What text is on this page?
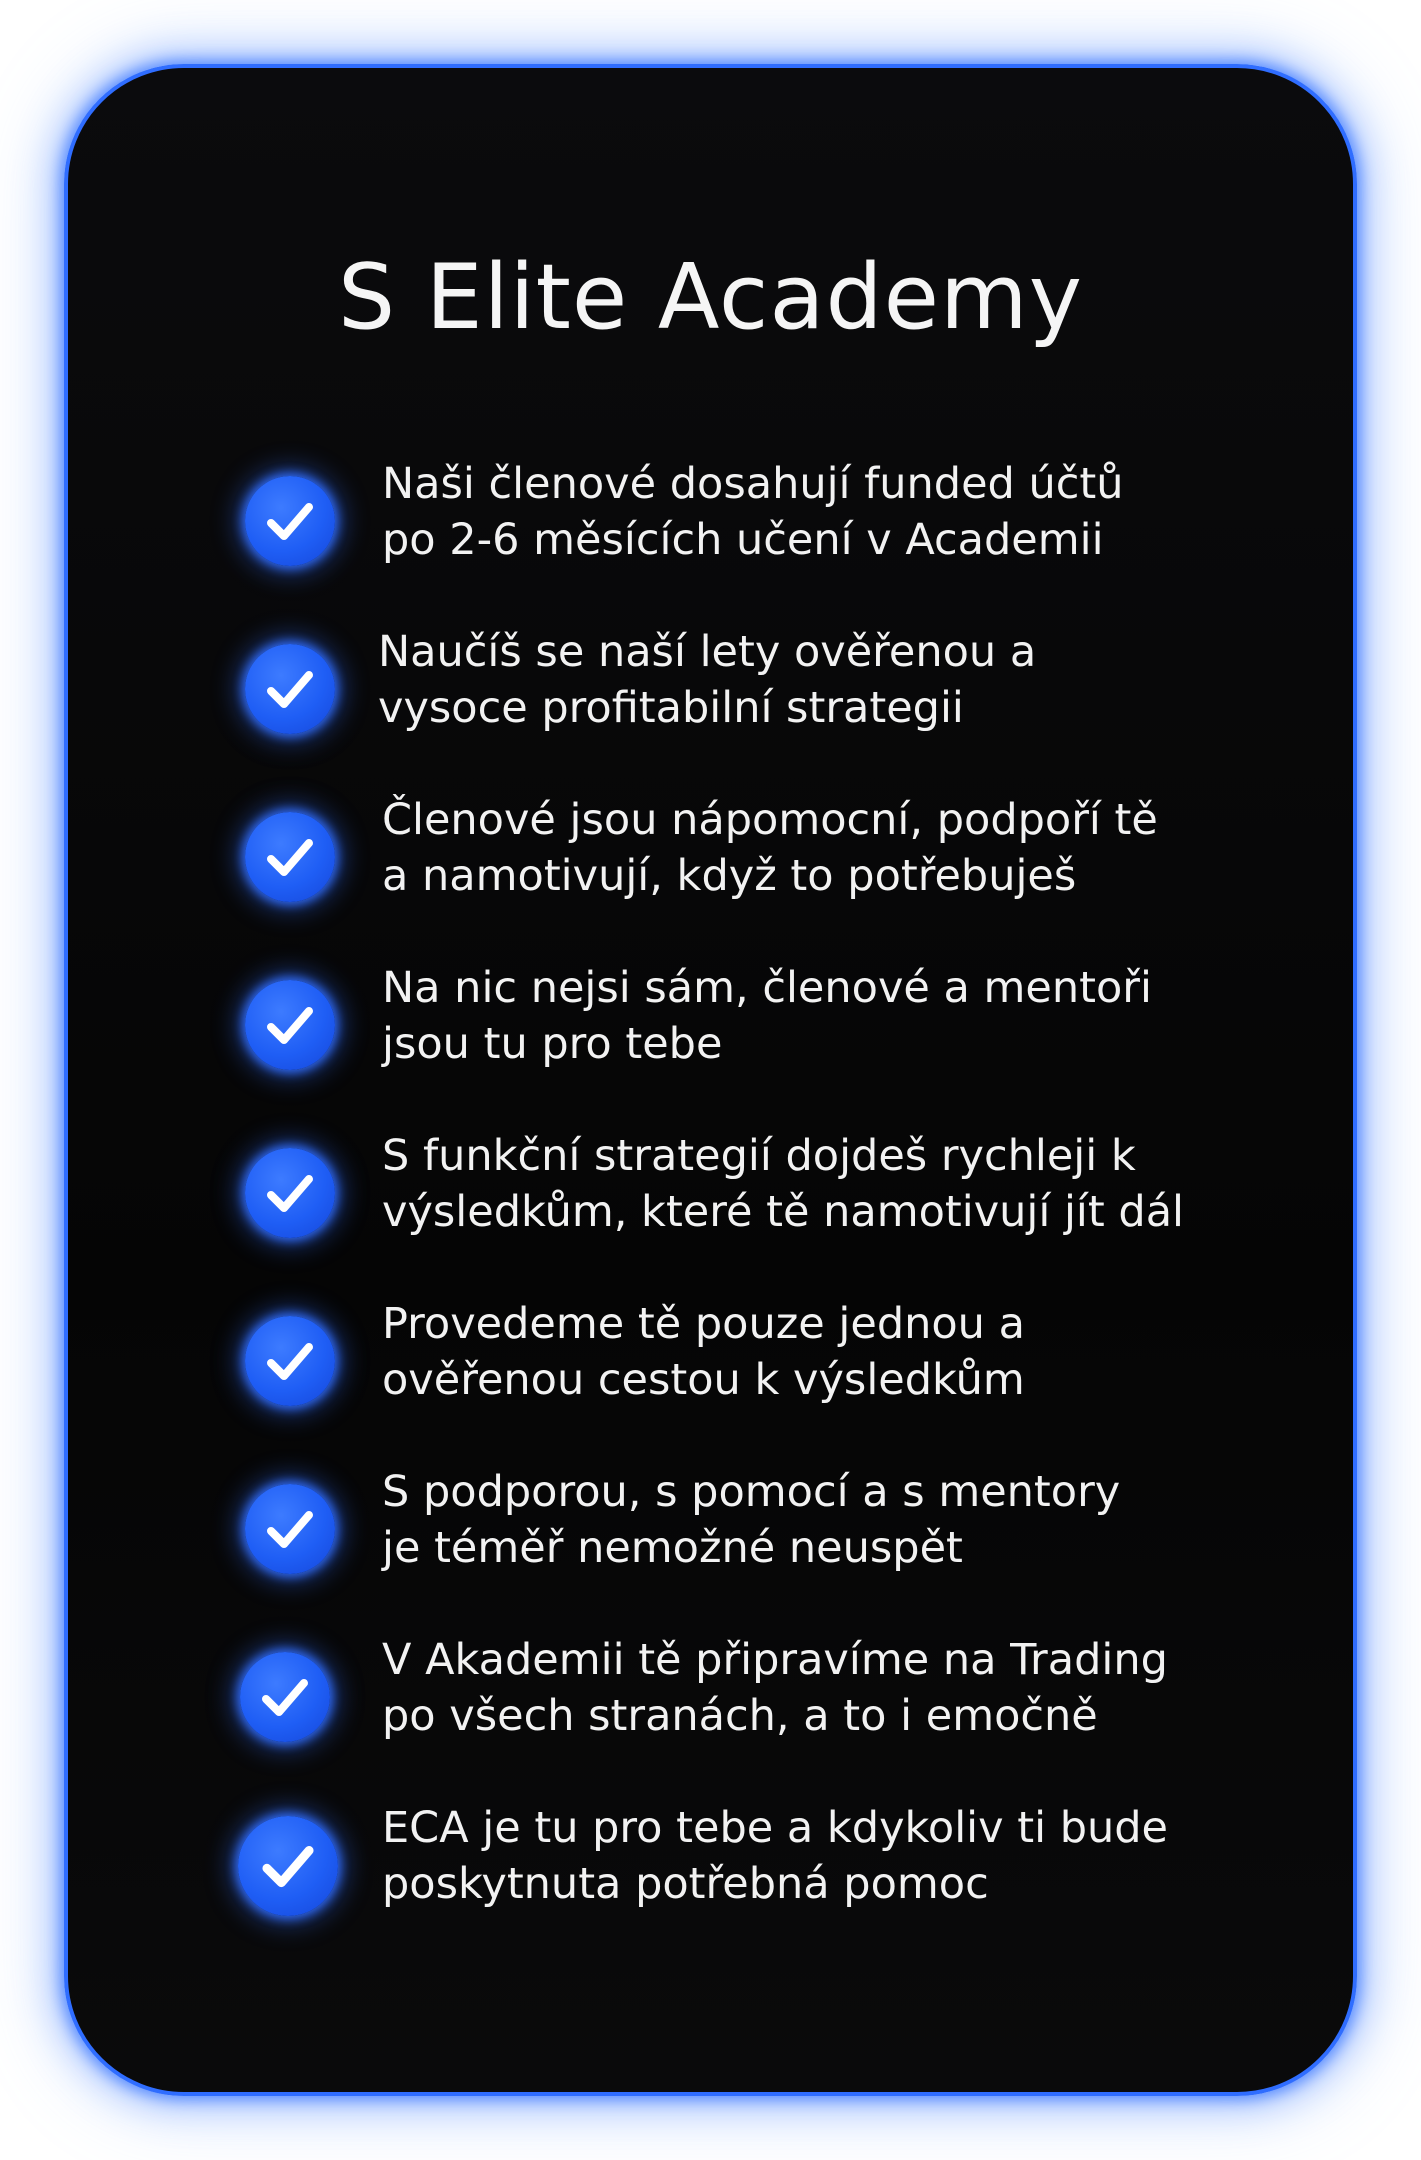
S Elite Academy

Naši členové dosahují funded účtů
po 2-6 měsících učení v Academii

Naučíš se naší lety ověřenou a
vysoce profitabilní strategii

Členové jsou nápomocní, podpoří tě
a namotivují, když to potřebuješ

Na nic nejsi sám, členové a mentoři
jsou tu pro tebe

S funkční strategií dojdeš rychleji k
výsledkům, které tě namotivují jít dál

Provedeme tě pouze jednou a
ověřenou cestou k výsledkům

S podporou, s pomocí a s mentory
je téměř nemožné neuspět

V Akademii tě připravíme na Trading
po všech stranách, a to i emočně

ECA je tu pro tebe a kdykoliv ti bude
poskytnuta potřebná pomoc
